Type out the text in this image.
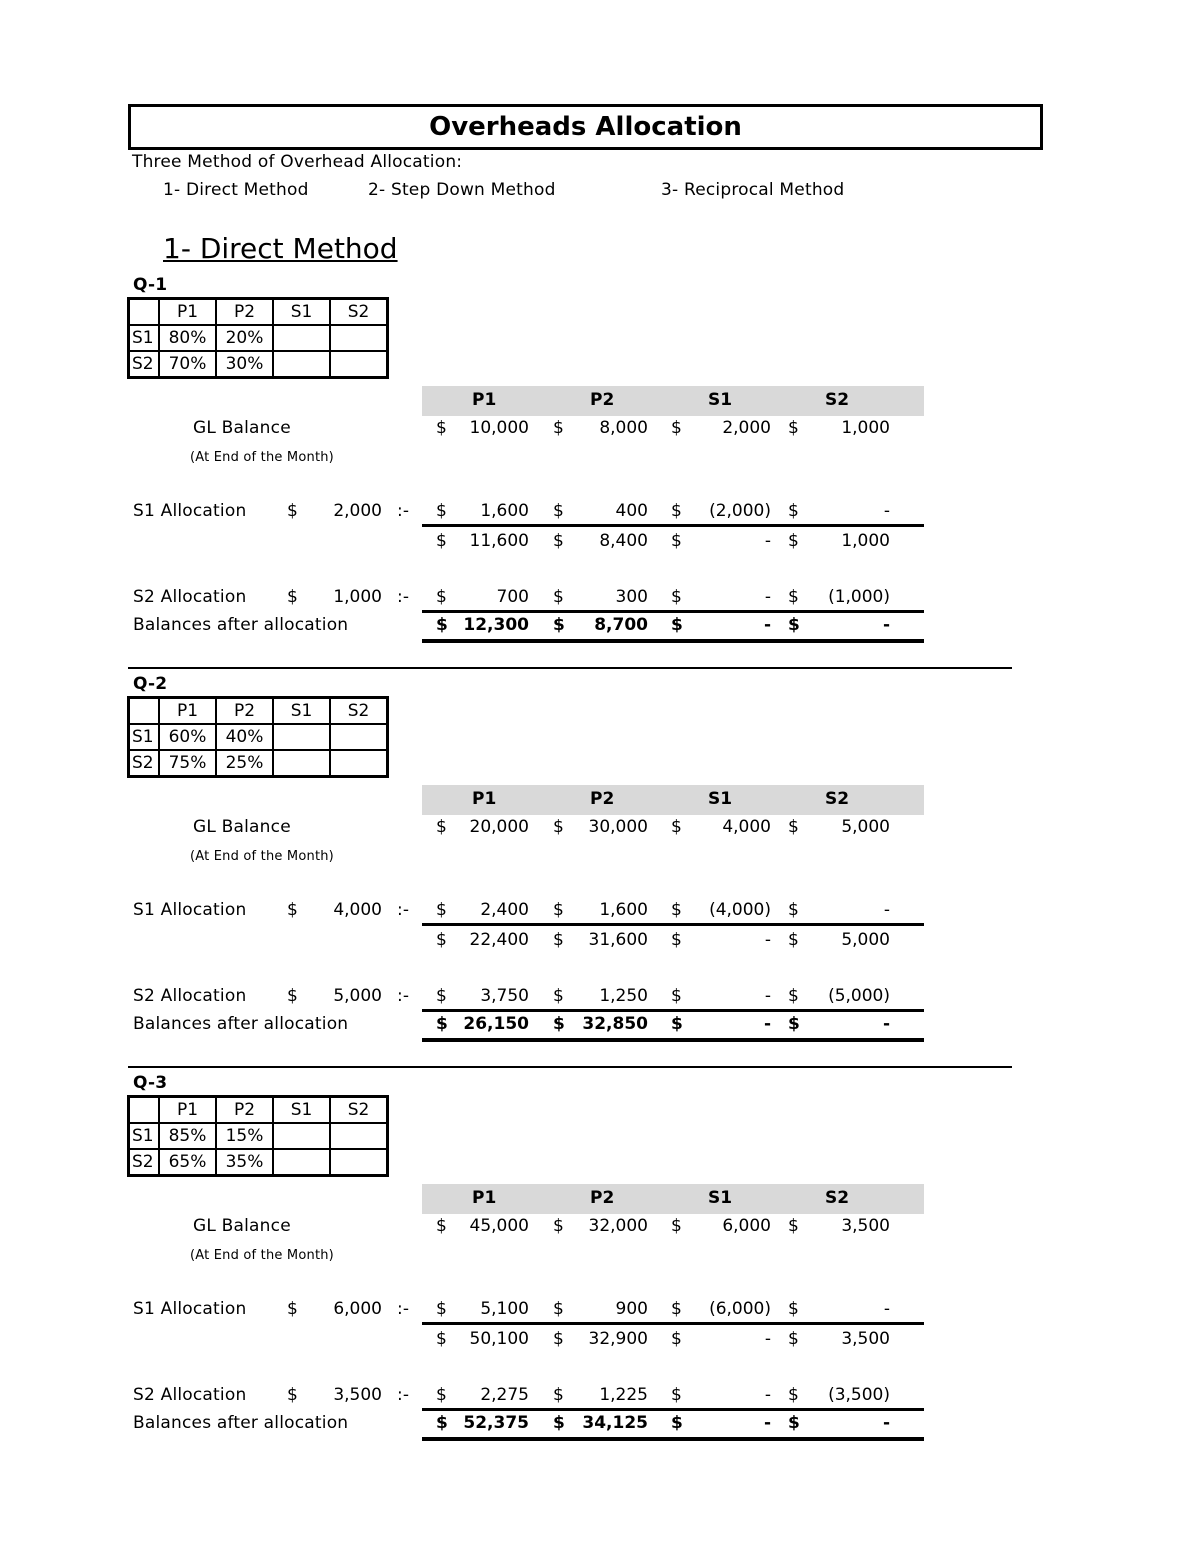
Overheads Allocation
Three Method of Overhead Allocation:
1- Direct Method	2- Step Down Method	3- Reciprocal Method
1- Direct Method
Q-1
	P1	P2	S1	S2
S1	80%	20%		
S2	70%	30%		
P1	P2	S1	S2
GL Balance
(At End of the Month)
$	10,000 $	8,000 $	2,000 $	1,000
S1 Allocation $	2,000 :- $	1,600 $	400 $	(2,000) $	-
$	11,600 $	8,400 $	- $	1,000
S2 Allocation $	1,000 :- $	700 $	300 $	- $	(1,000)
Balances after allocation	$ 12,300 $	8,700 $	- $	-
Q-2
	P1	P2	S1	S2
S1	60%	40%		
S2	75%	25%		
P1	P2	S1	S2
GL Balance
(At End of the Month)
$	20,000 $	30,000 $	4,000 $	5,000
S1 Allocation $	4,000 :- $	2,400 $	1,600 $	(4,000) $	-
$	22,400 $	31,600 $	- $	5,000
S2 Allocation $	5,000 :- $	3,750 $	1,250 $	- $	(5,000)
Balances after allocation	$ 26,150 $	32,850 $	- $	-
Q-3
	P1	P2	S1	S2
S1	85%	15%		
S2	65%	35%		
P1	P2	S1	S2
GL Balance
(At End of the Month)
$	45,000 $	32,000 $	6,000 $	3,500
S1 Allocation $	6,000 :- $	5,100 $	900 $	(6,000) $	-
$	50,100 $	32,900 $	- $	3,500
S2 Allocation $	3,500 :- $	2,275 $	1,225 $	- $	(3,500)
Balances after allocation	$ 52,375 $	34,125 $	- $	-
